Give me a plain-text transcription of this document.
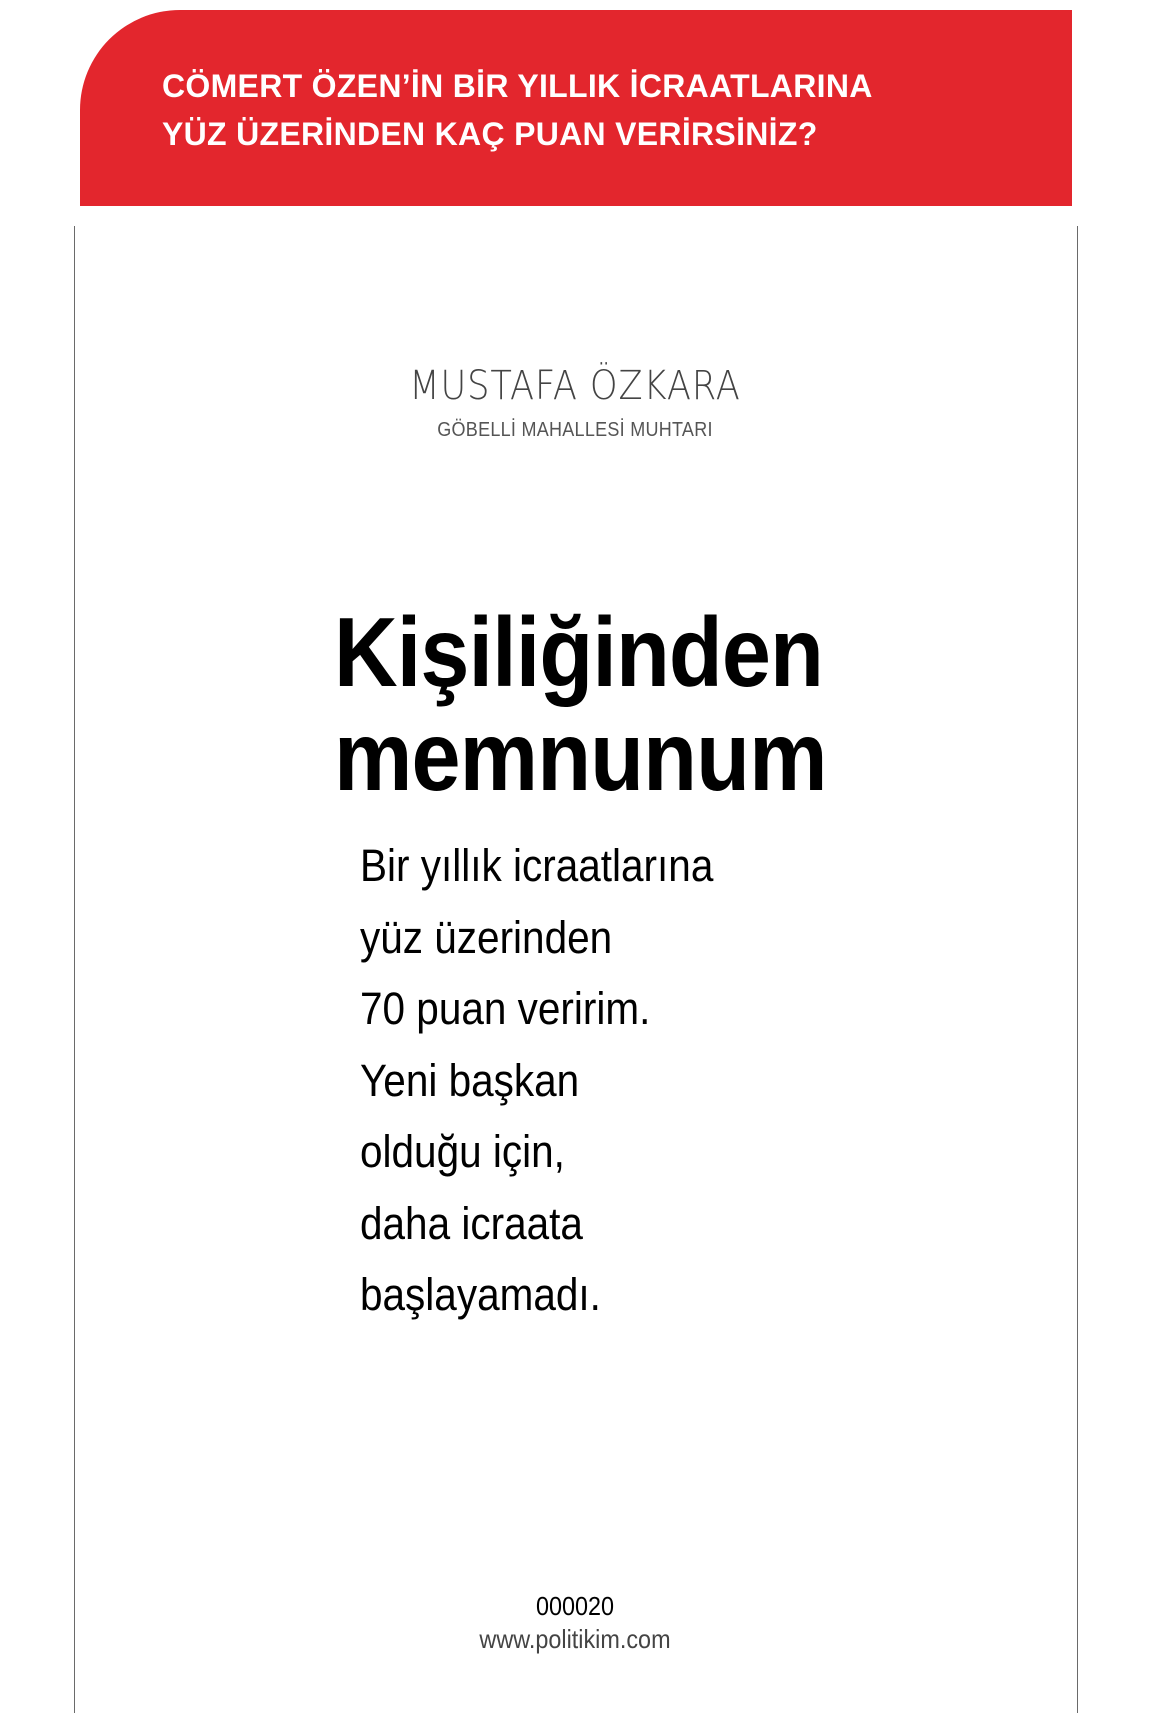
CÖMERT ÖZEN’İN BİR YILLIK İCRAATLARINA
YÜZ ÜZERİNDEN KAÇ PUAN VERİRSİNİZ?
MUSTAFA ÖZKARA
GÖBELLİ MAHALLESİ MUHTARI
Kişiliğinden
memnunum
Bir yıllık icraatlarına
yüz üzerinden
70 puan veririm.
Yeni başkan
olduğu için,
daha icraata
başlayamadı.
000020
www.politikim.com
